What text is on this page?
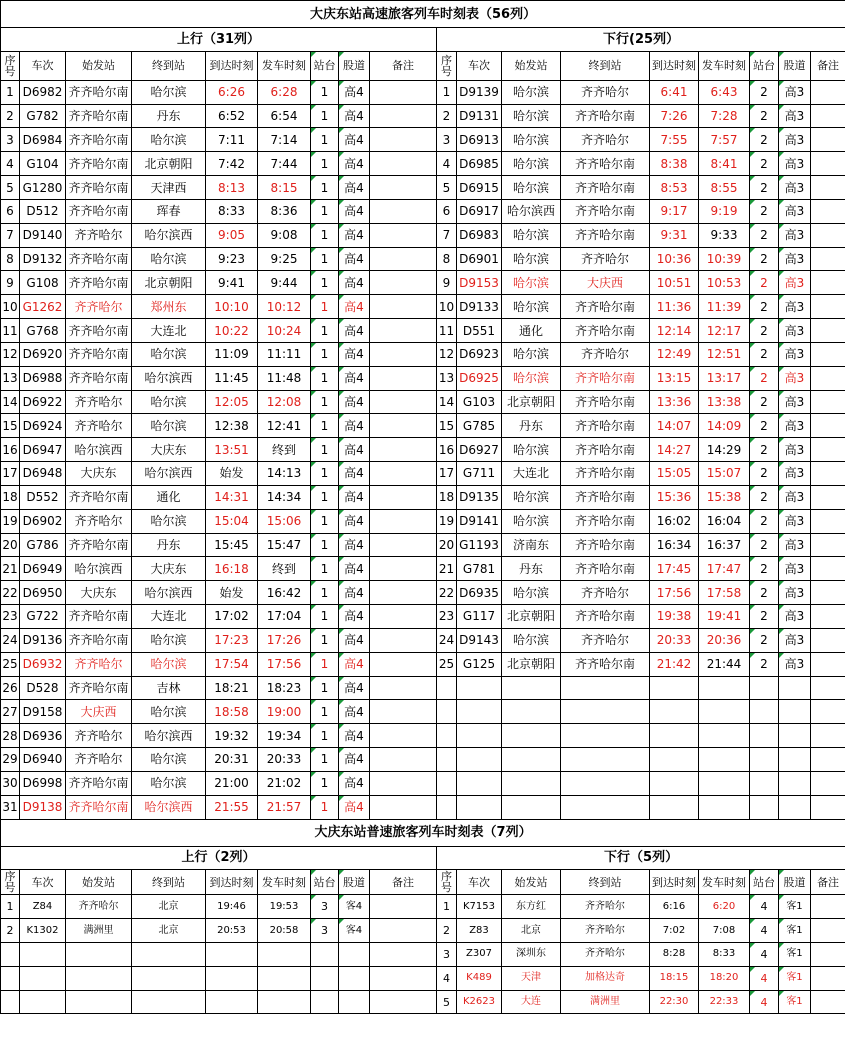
大庆东站高速旅客列车时刻表（56列）																	
上行（31列）									下行(25列）								
序号	车次	始发站	终到站	到达时刻	发车时刻	站台	股道	备注	序号	车次	始发站	终到站	到达时刻	发车时刻	站台	股道	备注
1	D6982	齐齐哈尔南	哈尔滨	6:26	6:28	1	高4		1	D9139	哈尔滨	齐齐哈尔	6:41	6:43	2	高3	
2	G782	齐齐哈尔南	丹东	6:52	6:54	1	高4		2	D9131	哈尔滨	齐齐哈尔南	7:26	7:28	2	高3	
3	D6984	齐齐哈尔南	哈尔滨	7:11	7:14	1	高4		3	D6913	哈尔滨	齐齐哈尔	7:55	7:57	2	高3	
4	G104	齐齐哈尔南	北京朝阳	7:42	7:44	1	高4		4	D6985	哈尔滨	齐齐哈尔南	8:38	8:41	2	高3	
5	G1280	齐齐哈尔南	天津西	8:13	8:15	1	高4		5	D6915	哈尔滨	齐齐哈尔南	8:53	8:55	2	高3	
6	D512	齐齐哈尔南	珲春	8:33	8:36	1	高4		6	D6917	哈尔滨西	齐齐哈尔南	9:17	9:19	2	高3	
7	D9140	齐齐哈尔	哈尔滨西	9:05	9:08	1	高4		7	D6983	哈尔滨	齐齐哈尔南	9:31	9:33	2	高3	
8	D9132	齐齐哈尔南	哈尔滨	9:23	9:25	1	高4		8	D6901	哈尔滨	齐齐哈尔	10:36	10:39	2	高3	
9	G108	齐齐哈尔南	北京朝阳	9:41	9:44	1	高4		9	D9153	哈尔滨	大庆西	10:51	10:53	2	高3	
10	G1262	齐齐哈尔	郑州东	10:10	10:12	1	高4		10	D9133	哈尔滨	齐齐哈尔南	11:36	11:39	2	高3	
11	G768	齐齐哈尔南	大连北	10:22	10:24	1	高4		11	D551	通化	齐齐哈尔南	12:14	12:17	2	高3	
12	D6920	齐齐哈尔南	哈尔滨	11:09	11:11	1	高4		12	D6923	哈尔滨	齐齐哈尔	12:49	12:51	2	高3	
13	D6988	齐齐哈尔南	哈尔滨西	11:45	11:48	1	高4		13	D6925	哈尔滨	齐齐哈尔南	13:15	13:17	2	高3	
14	D6922	齐齐哈尔	哈尔滨	12:05	12:08	1	高4		14	G103	北京朝阳	齐齐哈尔南	13:36	13:38	2	高3	
15	D6924	齐齐哈尔	哈尔滨	12:38	12:41	1	高4		15	G785	丹东	齐齐哈尔南	14:07	14:09	2	高3	
16	D6947	哈尔滨西	大庆东	13:51	终到	1	高4		16	D6927	哈尔滨	齐齐哈尔南	14:27	14:29	2	高3	
17	D6948	大庆东	哈尔滨西	始发	14:13	1	高4		17	G711	大连北	齐齐哈尔南	15:05	15:07	2	高3	
18	D552	齐齐哈尔南	通化	14:31	14:34	1	高4		18	D9135	哈尔滨	齐齐哈尔南	15:36	15:38	2	高3	
19	D6902	齐齐哈尔	哈尔滨	15:04	15:06	1	高4		19	D9141	哈尔滨	齐齐哈尔南	16:02	16:04	2	高3	
20	G786	齐齐哈尔南	丹东	15:45	15:47	1	高4		20	G1193	济南东	齐齐哈尔南	16:34	16:37	2	高3	
21	D6949	哈尔滨西	大庆东	16:18	终到	1	高4		21	G781	丹东	齐齐哈尔南	17:45	17:47	2	高3	
22	D6950	大庆东	哈尔滨西	始发	16:42	1	高4		22	D6935	哈尔滨	齐齐哈尔	17:56	17:58	2	高3	
23	G722	齐齐哈尔南	大连北	17:02	17:04	1	高4		23	G117	北京朝阳	齐齐哈尔南	19:38	19:41	2	高3	
24	D9136	齐齐哈尔南	哈尔滨	17:23	17:26	1	高4		24	D9143	哈尔滨	齐齐哈尔	20:33	20:36	2	高3	
25	D6932	齐齐哈尔	哈尔滨	17:54	17:56	1	高4		25	G125	北京朝阳	齐齐哈尔南	21:42	21:44	2	高3	
26	D528	齐齐哈尔南	吉林	18:21	18:23	1	高4										
27	D9158	大庆西	哈尔滨	18:58	19:00	1	高4										
28	D6936	齐齐哈尔	哈尔滨西	19:32	19:34	1	高4										
29	D6940	齐齐哈尔	哈尔滨	20:31	20:33	1	高4										
30	D6998	齐齐哈尔南	哈尔滨	21:00	21:02	1	高4										
31	D9138	齐齐哈尔南	哈尔滨西	21:55	21:57	1	高4										
大庆东站普速旅客列车时刻表（7列）																	
上行（2列）									下行（5列）								
序号	车次	始发站	终到站	到达时刻	发车时刻	站台	股道	备注	序号	车次	始发站	终到站	到达时刻	发车时刻	站台	股道	备注
1	Z84	齐齐哈尔	北京	19:46	19:53	3	客4		1	K7153	东方红	齐齐哈尔	6:16	6:20	4	客1	
2	K1302	满洲里	北京	20:53	20:58	3	客4		2	Z83	北京	齐齐哈尔	7:02	7:08	4	客1	
									3	Z307	深圳东	齐齐哈尔	8:28	8:33	4	客1	
									4	K489	天津	加格达奇	18:15	18:20	4	客1	
									5	K2623	大连	满洲里	22:30	22:33	4	客1	
